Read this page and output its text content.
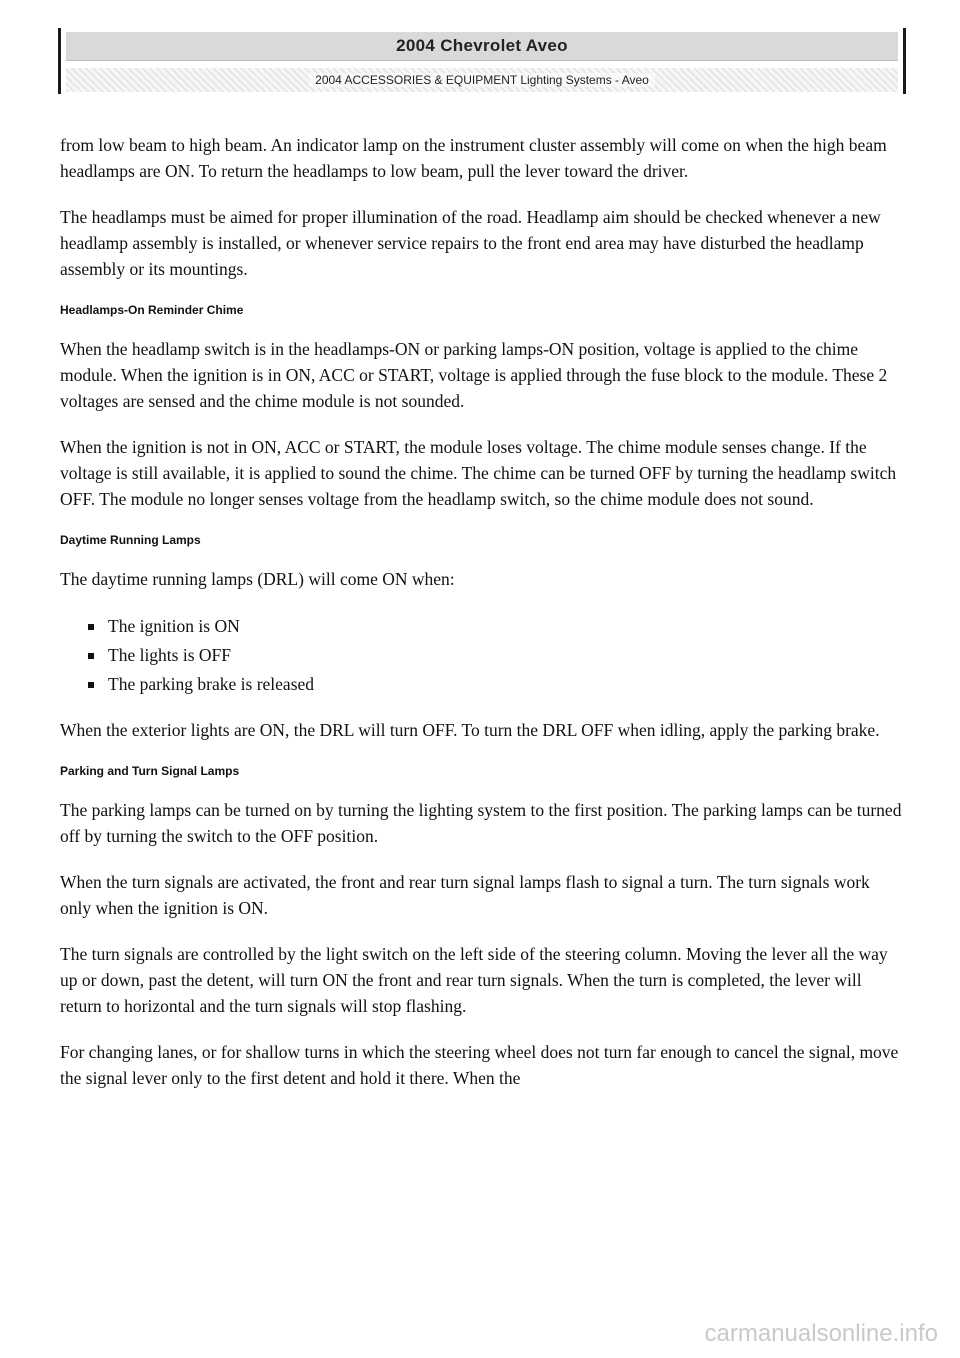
2004 Chevrolet Aveo
2004 ACCESSORIES & EQUIPMENT Lighting Systems - Aveo

from low beam to high beam. An indicator lamp on the instrument cluster assembly will come on when the high beam headlamps are ON. To return the headlamps to low beam, pull the lever toward the driver.

The headlamps must be aimed for proper illumination of the road. Headlamp aim should be checked whenever a new headlamp assembly is installed, or whenever service repairs to the front end area may have disturbed the headlamp assembly or its mountings.

Headlamps-On Reminder Chime

When the headlamp switch is in the headlamps-ON or parking lamps-ON position, voltage is applied to the chime module. When the ignition is in ON, ACC or START, voltage is applied through the fuse block to the module. These 2 voltages are sensed and the chime module is not sounded.

When the ignition is not in ON, ACC or START, the module loses voltage. The chime module senses change. If the voltage is still available, it is applied to sound the chime. The chime can be turned OFF by turning the headlamp switch OFF. The module no longer senses voltage from the headlamp switch, so the chime module does not sound.

Daytime Running Lamps

The daytime running lamps (DRL) will come ON when:

The ignition is ON
The lights is OFF
The parking brake is released

When the exterior lights are ON, the DRL will turn OFF. To turn the DRL OFF when idling, apply the parking brake.

Parking and Turn Signal Lamps

The parking lamps can be turned on by turning the lighting system to the first position. The parking lamps can be turned off by turning the switch to the OFF position.

When the turn signals are activated, the front and rear turn signal lamps flash to signal a turn. The turn signals work only when the ignition is ON.

The turn signals are controlled by the light switch on the left side of the steering column. Moving the lever all the way up or down, past the detent, will turn ON the front and rear turn signals. When the turn is completed, the lever will return to horizontal and the turn signals will stop flashing.

For changing lanes, or for shallow turns in which the steering wheel does not turn far enough to cancel the signal, move the signal lever only to the first detent and hold it there. When the

carmanualsonline.info
